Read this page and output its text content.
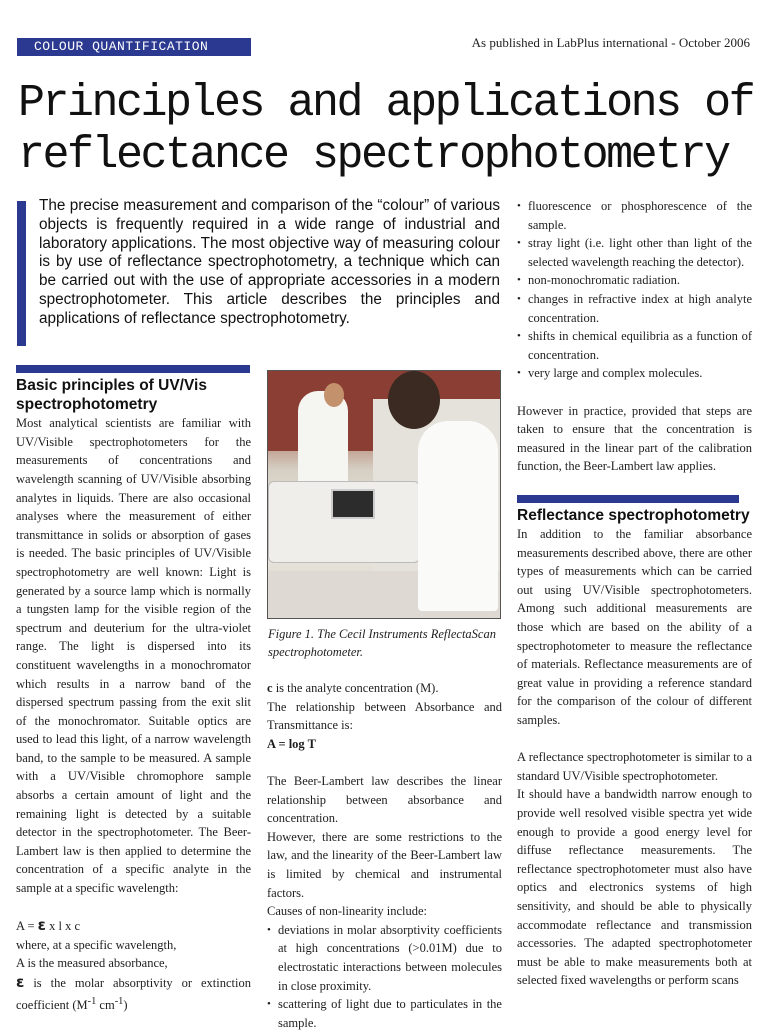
COLOUR QUANTIFICATION	As published in LabPlus international - October 2006
Principles and applications of
reflectance spectrophotometry

The precise measurement and comparison of the “colour” of various objects is frequently required in a wide range of industrial and laboratory applications. The most objective way of measuring colour is by use of reflectance spectrophotometry, a technique which can be carried out with the use of appropriate accessories in a modern spectrophotometer. This article describes the principles and applications of reflectance spectrophotometry.

Basic principles of UV/Vis spectrophotometry

Most analytical scientists are familiar with UV/Visible spectrophotometers for the measurements of concentrations and wavelength scanning of UV/Visible absorbing analytes in liquids. There are also occasional analyses where the measurement of either transmittance in solids or absorption of gases is needed. The basic principles of UV/Visible spectrophotometry are well known: Light is generated by a source lamp which is normally a tungsten lamp for the visible region of the spectrum and deuterium for the ultra-violet range. The light is dispersed into its constituent wavelengths in a monochromator which results in a narrow band of the dispersed spectrum passing from the exit slit of the monochromator. Suitable optics are used to lead this light, of a narrow wavelength band, to the sample to be measured. A sample with a UV/Visible chromophore sample absorbs a certain amount of light and the remaining light is detected by a suitable detector in the spectrophotometer. The Beer-Lambert law is then applied to determine the concentration of a specific analyte in the sample at a specific wavelength:

A = ε x l x c

where, at a specific wavelength,

A is the measured absorbance,

ε is the molar absorptivity or extinction coefficient ($M^{-1}$ $cm^{-1}$)

Figure 1. The Cecil Instruments ReflectaScan spectrophotometer.

c is the analyte concentration (M).

The relationship between Absorbance and Transmittance is:

A = log T

The Beer-Lambert law describes the linear relationship between absorbance and concentration.

However, there are some restrictions to the law, and the linearity of the Beer-Lambert law is limited by chemical and instrumental factors.

Causes of non-linearity include:

• deviations in molar absorptivity coefficients at high concentrations (>0.01M) due to electrostatic interactions between molecules in close proximity.
• scattering of light due to particulates in the sample.
• fluorescence or phosphorescence of the sample.
• stray light (i.e. light other than light of the selected wavelength reaching the detector).
• non-monochromatic radiation.
• changes in refractive index at high analyte concentration.
• shifts in chemical equilibria as a function of concentration.
• very large and complex molecules.

However in practice, provided that steps are taken to ensure that the concentration is measured in the linear part of the calibration function, the Beer-Lambert law applies.

Reflectance spectrophotometry

In addition to the familiar absorbance measurements described above, there are other types of measurements which can be carried out using UV/Visible spectrophotometers. Among such additional measurements are those which are based on the ability of a spectrophotometer to measure the reflectance of materials. Reflectance measurements are of great value in providing a reference standard for the comparison of the colour of different samples.

A reflectance spectrophotometer is similar to a standard UV/Visible spectrophotometer.

It should have a bandwidth narrow enough to provide well resolved visible spectra yet wide enough to provide a good energy level for diffuse reflectance measurements. The reflectance spectrophotometer must also have optics and electronics systems of high sensitivity, and should be able to physically accommodate reflectance and transmission accessories. The adapted spectrophotometer must be able to make measurements both at selected fixed wavelengths or perform scans
